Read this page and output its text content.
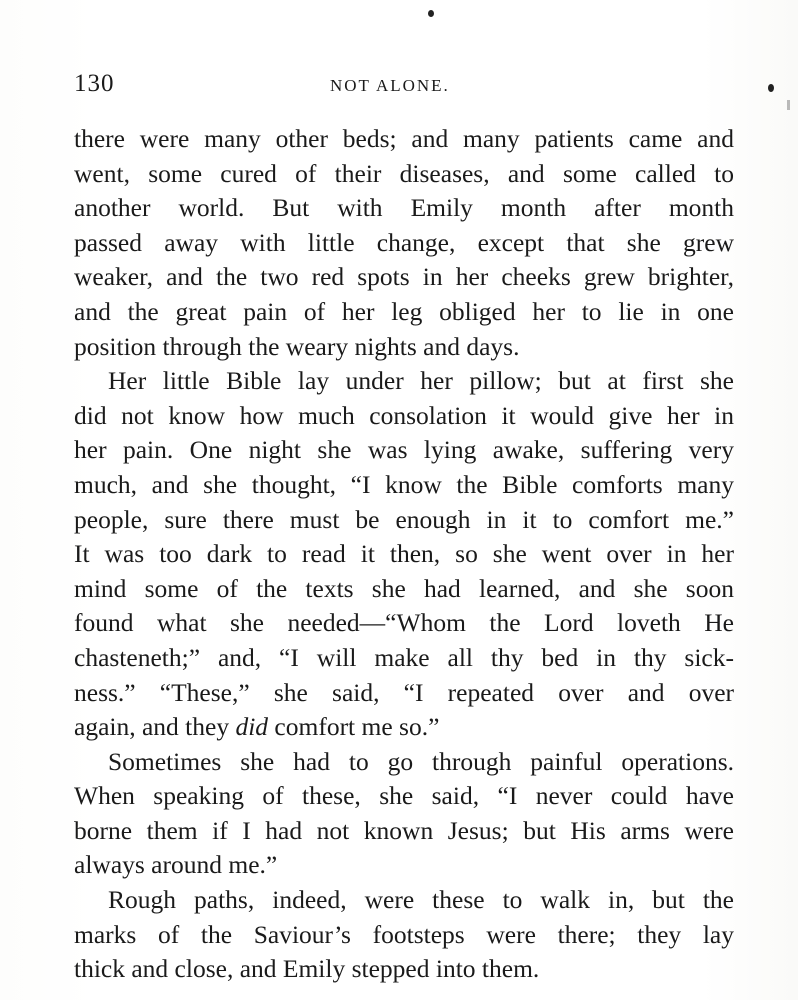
130	NOT ALONE.
there were many other beds; and many patients came and
went, some cured of their diseases, and some called to
another world. But with Emily month after month
passed away with little change, except that she grew
weaker, and the two red spots in her cheeks grew brighter,
and the great pain of her leg obliged her to lie in one
position through the weary nights and days.
Her little Bible lay under her pillow; but at first she
did not know how much consolation it would give her in
her pain. One night she was lying awake, suffering very
much, and she thought, “I know the Bible comforts many
people, sure there must be enough in it to comfort me.”
It was too dark to read it then, so she went over in her
mind some of the texts she had learned, and she soon
found what she needed—“Whom the Lord loveth He
chasteneth;” and, “I will make all thy bed in thy sick-
ness.” “These,” she said, “I repeated over and over
again, and they did comfort me so.”
Sometimes she had to go through painful operations.
When speaking of these, she said, “I never could have
borne them if I had not known Jesus; but His arms were
always around me.”
Rough paths, indeed, were these to walk in, but the
marks of the Saviour’s footsteps were there; they lay
thick and close, and Emily stepped into them.
